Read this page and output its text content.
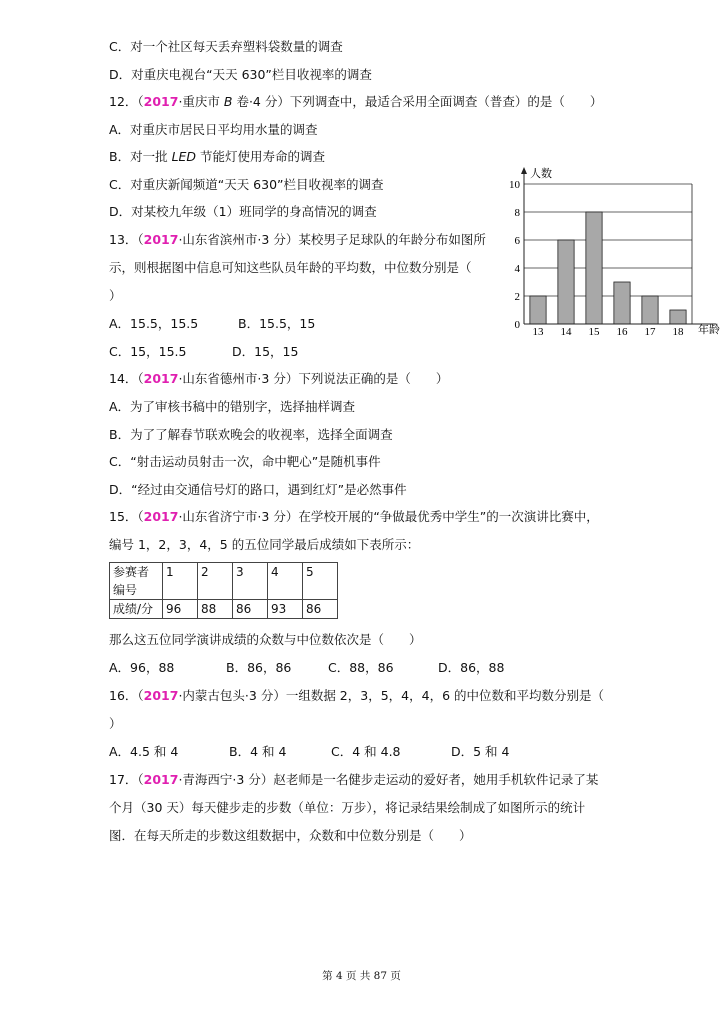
C．对一个社区每天丢弃塑料袋数量的调查
D．对重庆电视台“天天 630”栏目收视率的调查
12．（2017·重庆市 B 卷·4 分）下列调查中，最适合采用全面调查（普查）的是（　　）
A．对重庆市居民日平均用水量的调查
B．对一批 LED 节能灯使用寿命的调查
C．对重庆新闻频道“天天 630”栏目收视率的调查
D．对某校九年级（1）班同学的身高情况的调查
13．（2017·山东省滨州市·3 分）某校男子足球队的年龄分布如图所
示，则根据图中信息可知这些队员年龄的平均数，中位数分别是（
）
A．15.5，15.5	B．15.5，15
C．15，15.5	D．15，15
14．（2017·山东省德州市·3 分）下列说法正确的是（　　）
A．为了审核书稿中的错别字，选择抽样调查
B．为了了解春节联欢晚会的收视率，选择全面调查
C．“射击运动员射击一次，命中靶心”是随机事件
D．“经过由交通信号灯的路口，遇到红灯”是必然事件
15．（2017·山东省济宁市·3 分）在学校开展的“争做最优秀中学生”的一次演讲比赛中，
编号 1，2，3，4，5 的五位同学最后成绩如下表所示：
参赛者
编号	1	2	3	4	5
成绩/分	96	88	86	93	86
那么这五位同学演讲成绩的众数与中位数依次是（　　）
A．96，88	B．86，86	C．88，86	D．86，88
16．（2017·内蒙古包头·3 分）一组数据 2，3，5，4，4，6 的中位数和平均数分别是（
）
A．4.5 和 4	B．4 和 4	C．4 和 4.8	D．5 和 4
17．（2017·青海西宁·3 分）赵老师是一名健步走运动的爱好者，她用手机软件记录了某
个月（30 天）每天健步走的步数（单位：万步），将记录结果绘制成了如图所示的统计
图．在每天所走的步数这组数据中，众数和中位数分别是（　　）
0
2
4
6
8
10
13 14 15 16 17 18
人数
年龄
第 4 页 共 87 页
